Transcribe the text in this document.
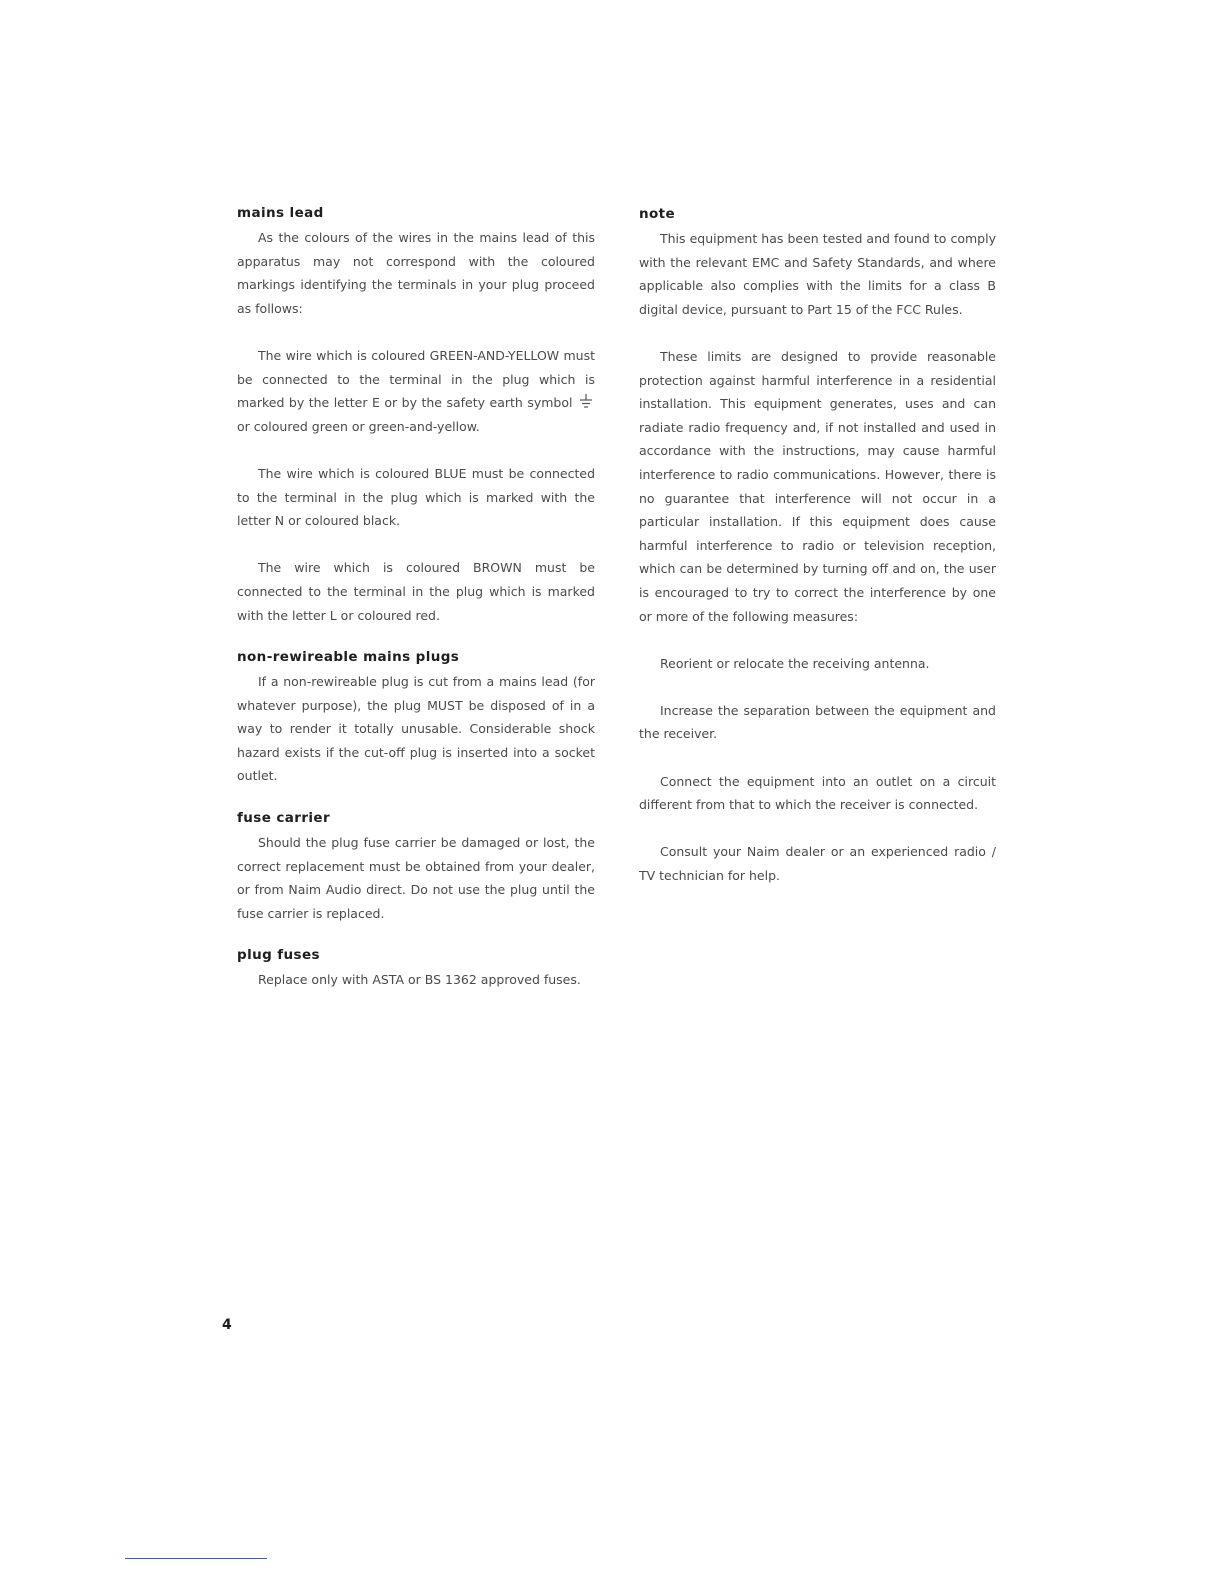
mains lead

As the colours of the wires in the mains lead of this apparatus may not correspond with the coloured markings identifying the terminals in your plug proceed as follows:

The wire which is coloured GREEN-AND-YELLOW must be connected to the terminal in the plug which is marked by the letter E or by the safety earth symbol  or coloured green or green-and-yellow.

The wire which is coloured BLUE must be connected to the terminal in the plug which is marked with the letter N or coloured black.

The wire which is coloured BROWN must be connected to the terminal in the plug which is marked with the letter L or coloured red.

non-rewireable mains plugs

If a non-rewireable plug is cut from a mains lead (for whatever purpose), the plug MUST be disposed of in a way to render it totally unusable. Considerable shock hazard exists if the cut-off plug is inserted into a socket outlet.

fuse carrier

Should the plug fuse carrier be damaged or lost, the correct replacement must be obtained from your dealer, or from Naim Audio direct. Do not use the plug until the fuse carrier is replaced.

plug fuses

Replace only with ASTA or BS 1362 approved fuses.

note

This equipment has been tested and found to comply with the relevant EMC and Safety Standards, and where applicable also complies with the limits for a class B digital device, pursuant to Part 15 of the FCC Rules.

These limits are designed to provide reasonable protection against harmful interference in a residential installation. This equipment generates, uses and can radiate radio frequency and, if not installed and used in accordance with the instructions, may cause harmful interference to radio communications. However, there is no guarantee that interference will not occur in a particular installation. If this equipment does cause harmful interference to radio or television reception, which can be determined by turning off and on, the user is encouraged to try to correct the interference by one or more of the following measures:

Reorient or relocate the receiving antenna.

Increase the separation between the equipment and the receiver.

Connect the equipment into an outlet on a circuit different from that to which the receiver is connected.

Consult your Naim dealer or an experienced radio / TV technician for help.

4
